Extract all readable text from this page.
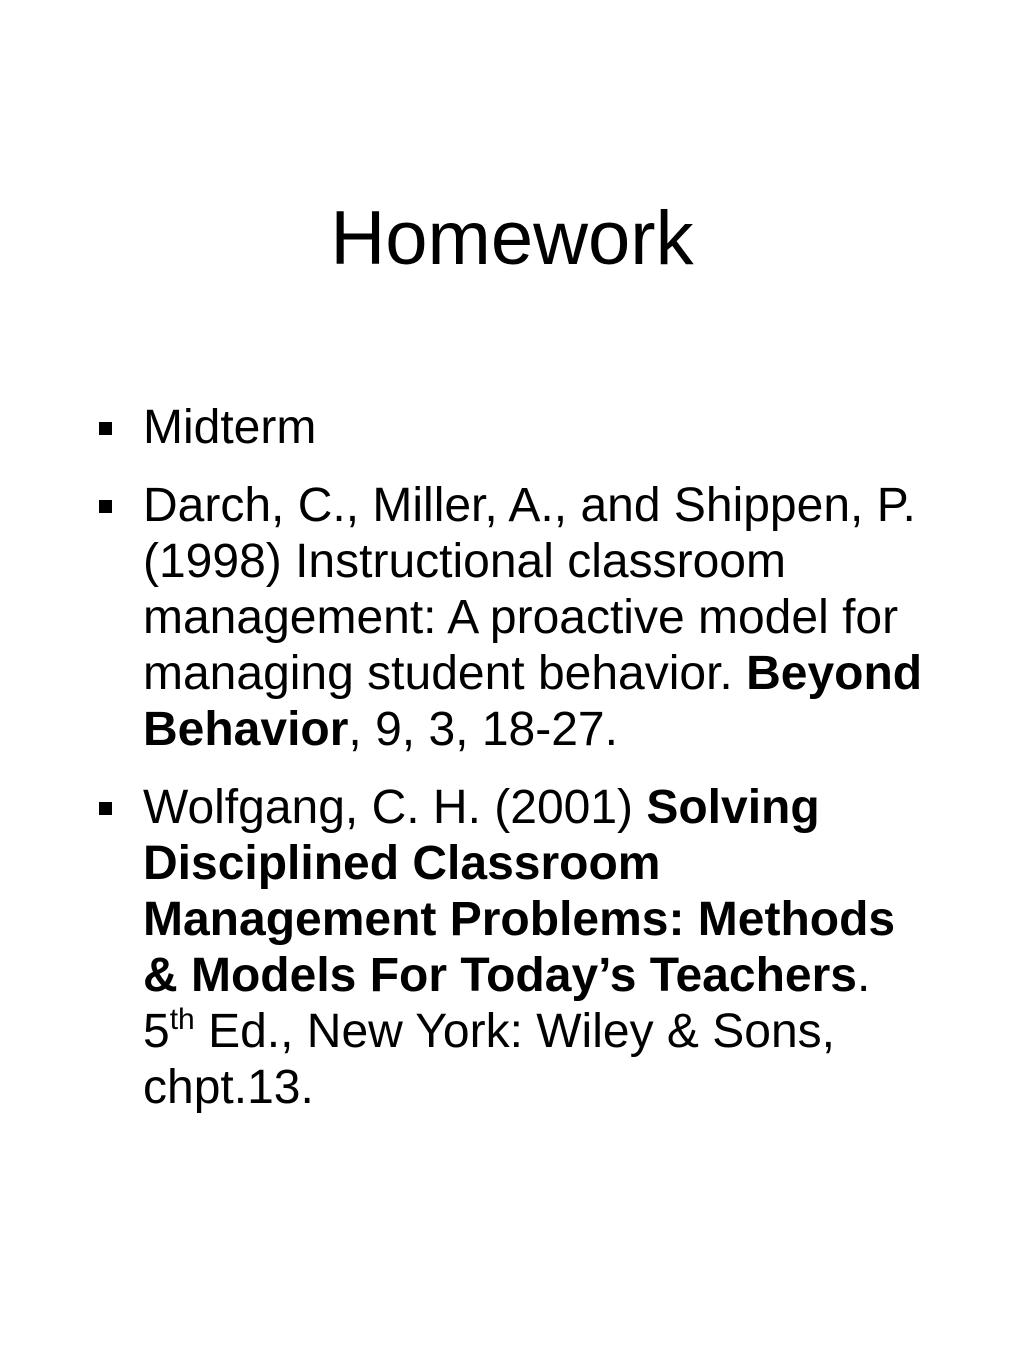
Homework
Midterm
Darch, C., Miller, A., and Shippen, P. (1998) Instructional classroom management: A proactive model for managing student behavior. Beyond Behavior, 9, 3, 18-27.
Wolfgang, C. H. (2001) Solving Disciplined Classroom Management Problems: Methods & Models For Today’s Teachers. 5th Ed., New York: Wiley & Sons, chpt.13.
